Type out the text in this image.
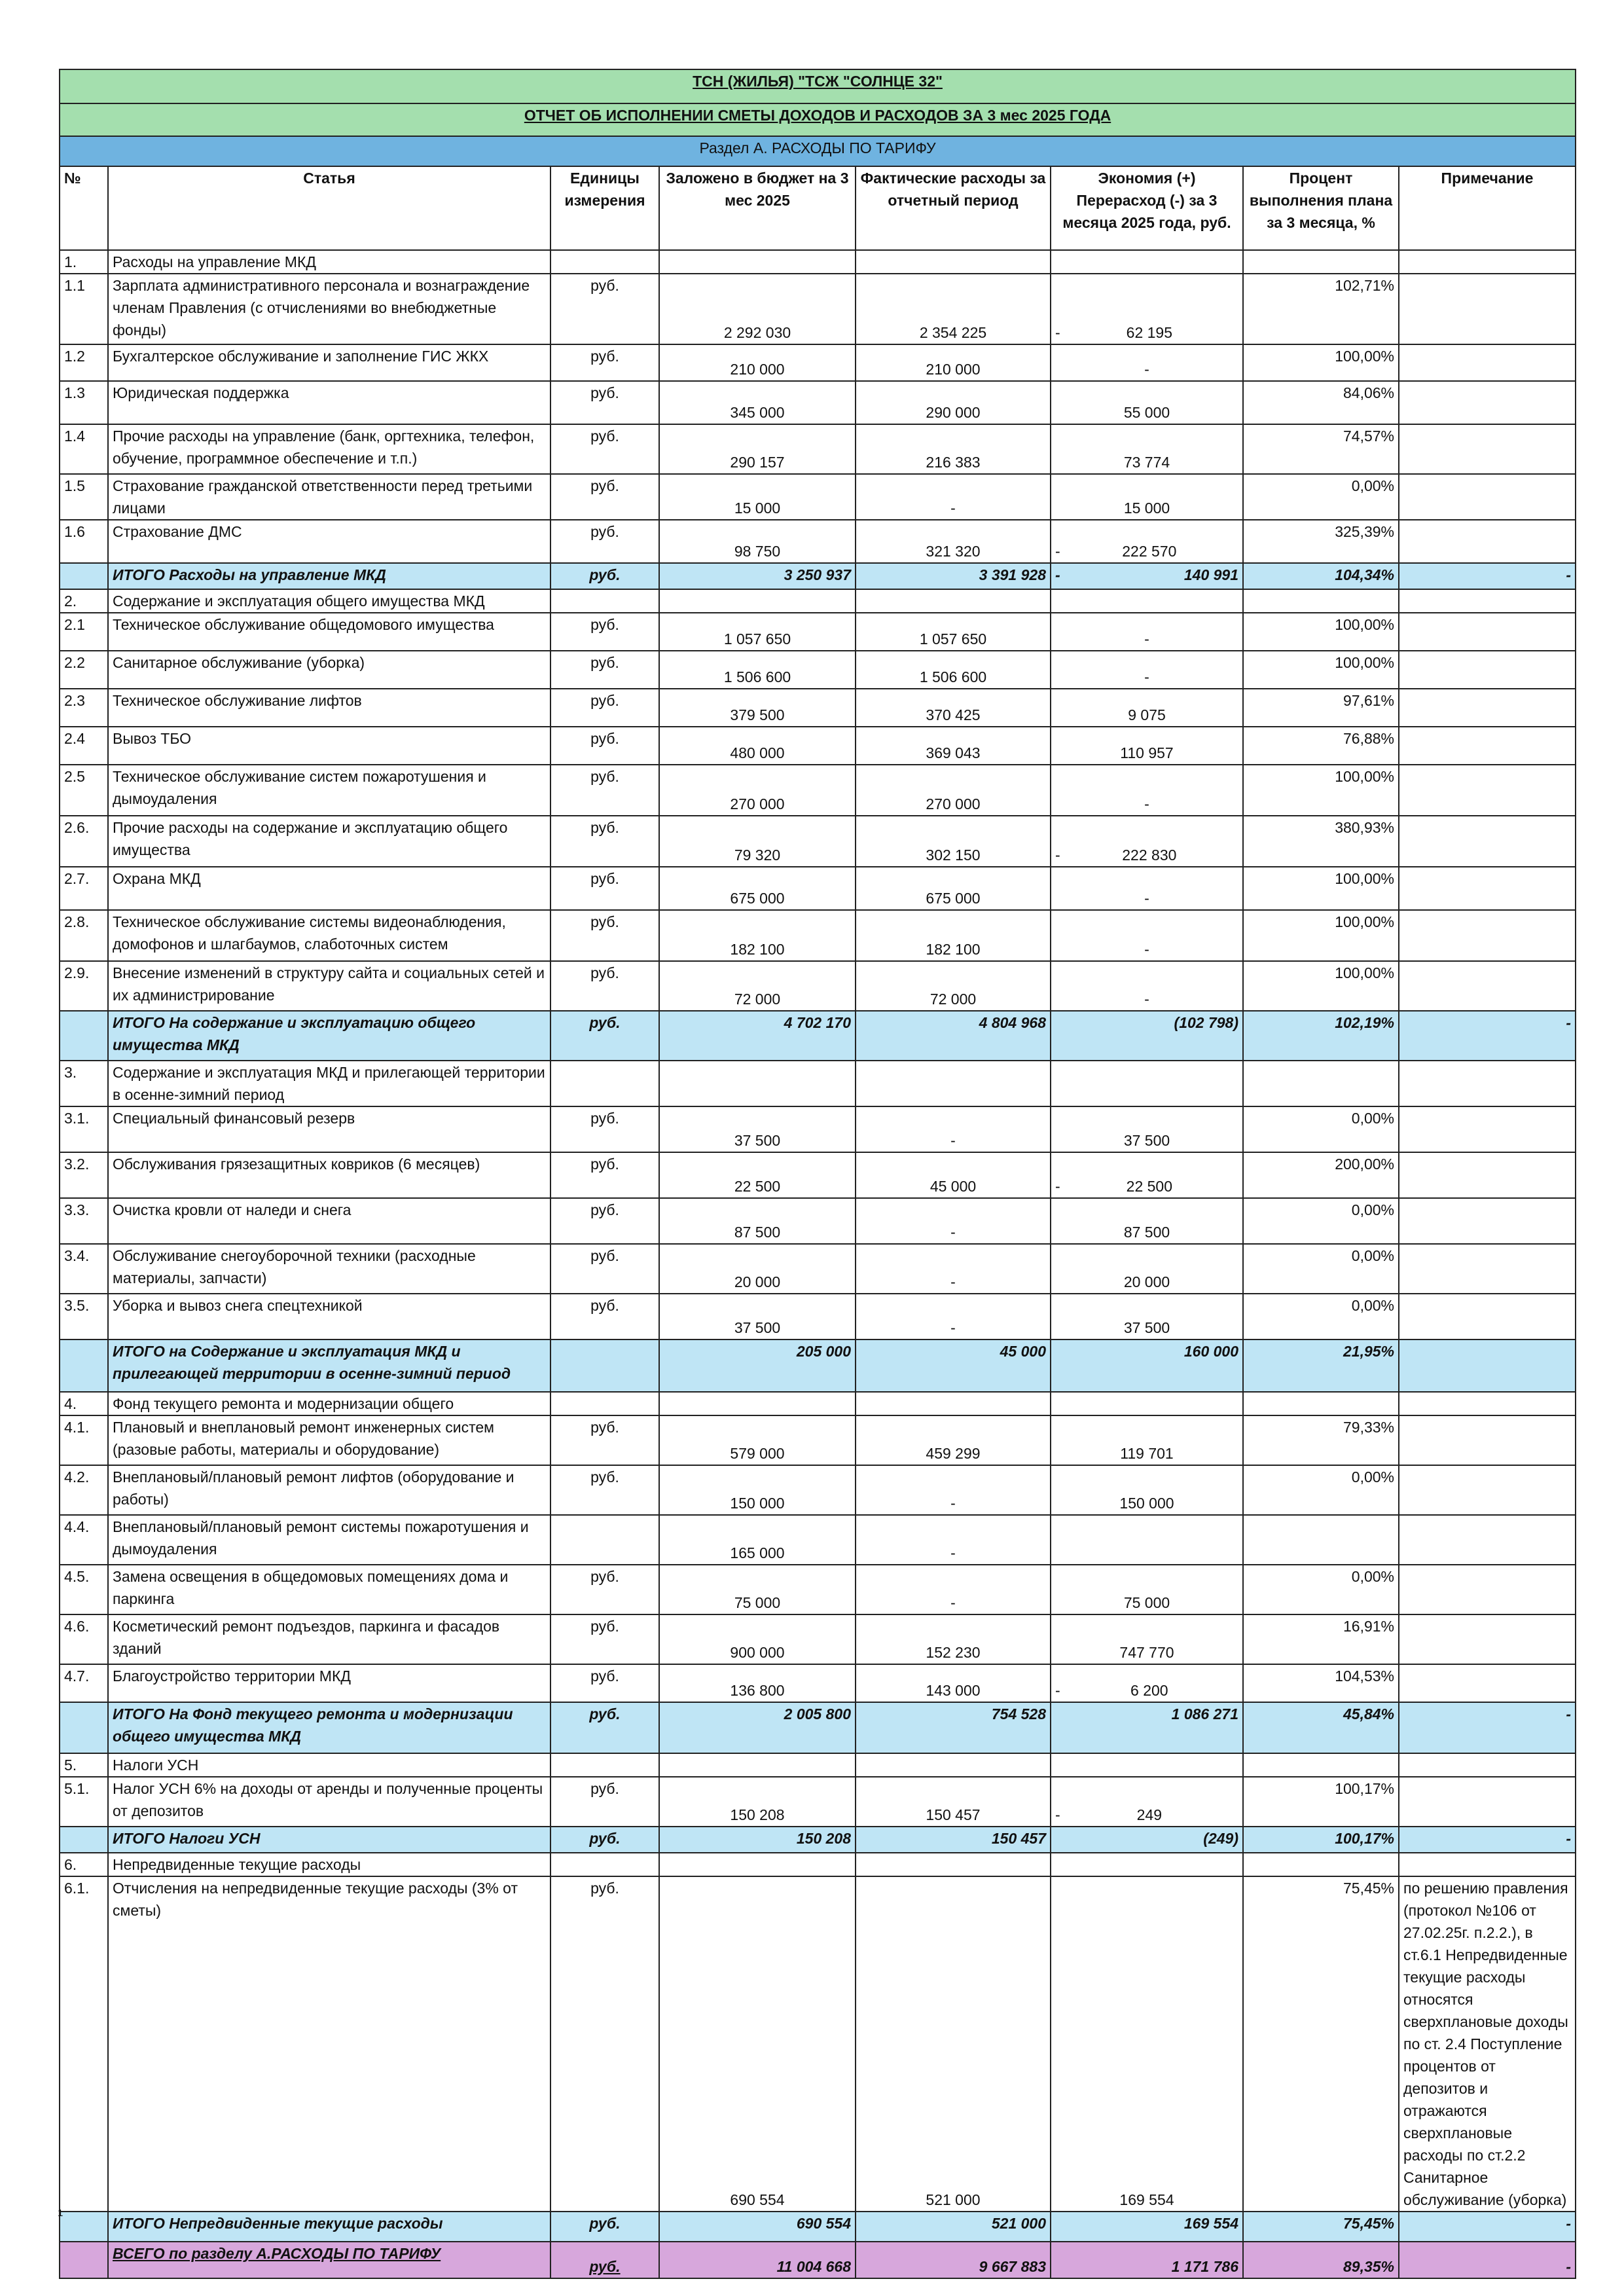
ТСН (ЖИЛЬЯ) "ТСЖ "СОЛНЦЕ 32"							
ОТЧЕТ ОБ ИСПОЛНЕНИИ СМЕТЫ ДОХОДОВ И РАСХОДОВ ЗА 3 мес 2025 ГОДА							
Раздел А. РАСХОДЫ ПО ТАРИФУ							
№	Статья	Единицы измерения	Заложено в бюджет на 3 мес 2025	Фактические расходы за отчетный период	Экономия (+) Перерасход (-) за 3 месяца 2025 года, руб.	Процент выполнения плана за 3 месяца, %	Примечание
1.	Расходы на управление МКД						
1.1	Зарплата административного персонала и вознаграждение членам Правления (с отчислениями во внебюджетные фонды)	руб.	2 292 030	2 354 225	- 62 195	102,71%	

1.2	Бухгалтерское обслуживание и заполнение ГИС ЖКХ	руб.	210 000	210 000	-	100,00%	

1.3	Юридическая поддержка	руб.	345 000	290 000	55 000	84,06%	

1.4	Прочие расходы на управление (банк, оргтехника, телефон, обучение, программное обеспечение и т.п.)	руб.	290 157	216 383	73 774	74,57%	

1.5	Страхование гражданской ответственности перед третьими лицами	руб.	15 000	-	15 000	0,00%	

1.6	Страхование ДМС	руб.	98 750	321 320	- 222 570	325,39%	

	ИТОГО Расходы на управление МКД	руб.	3 250 937	3 391 928	- 140 991	104,34%	-

2.	Содержание и эксплуатация общего имущества МКД						
2.1	Техническое обслуживание общедомового имущества	руб.	1 057 650	1 057 650	-	100,00%	

2.2	Санитарное обслуживание (уборка)	руб.	1 506 600	1 506 600	-	100,00%	

2.3	Техническое обслуживание лифтов	руб.	379 500	370 425	9 075	97,61%	

2.4	Вывоз ТБО	руб.	480 000	369 043	110 957	76,88%	

2.5	Техническое обслуживание систем пожаротушения и дымоудаления	руб.	270 000	270 000	-	100,00%	

2.6.	Прочие расходы на содержание и эксплуатацию общего имущества	руб.	79 320	302 150	- 222 830	380,93%	

2.7.	Охрана МКД	руб.	675 000	675 000	-	100,00%	

2.8.	Техническое обслуживание системы видеонаблюдения, домофонов и шлагбаумов, слаботочных систем	руб.	182 100	182 100	-	100,00%	

2.9.	Внесение изменений в структуру сайта и социальных сетей и их администрирование	руб.	72 000	72 000	-	100,00%	

	ИТОГО На содержание и эксплуатацию общего имущества МКД	руб.	4 702 170	4 804 968	(102 798)	102,19%	-

3.	Содержание и эксплуатация МКД и прилегающей территории в осенне-зимний период						
3.1.	Специальный финансовый резерв	руб.	37 500	-	37 500	0,00%	

3.2.	Обслуживания грязезащитных ковриков (6 месяцев)	руб.	22 500	45 000	- 22 500	200,00%	

3.3.	Очистка кровли от наледи и снега	руб.	87 500	-	87 500	0,00%	

3.4.	Обслуживание снегоуборочной техники (расходные материалы, запчасти)	руб.	20 000	-	20 000	0,00%	

3.5.	Уборка и вывоз снега спецтехникой	руб.	37 500	-	37 500	0,00%	

	ИТОГО на Содержание и эксплуатация МКД и прилегающей территории в осенне-зимний период		205 000	45 000	160 000	21,95%	

4.	Фонд текущего ремонта и модернизации общего						
4.1.	Плановый и внеплановый ремонт инженерных систем (разовые работы, материалы и оборудование)	руб.	579 000	459 299	119 701	79,33%	

4.2.	Внеплановый/плановый ремонт лифтов (оборудование и работы)	руб.	150 000	-	150 000	0,00%	

4.4.	Внеплановый/плановый ремонт системы пожаротушения и дымоудаления		165 000	-			
4.5.	Замена освещения в общедомовых помещениях дома и паркинга	руб.	75 000	-	75 000	0,00%	

4.6.	Косметический ремонт подъездов, паркинга и фасадов зданий	руб.	900 000	152 230	747 770	16,91%	

4.7.	Благоустройство территории МКД	руб.	136 800	143 000	- 6 200	104,53%	

	ИТОГО На Фонд текущего ремонта и модернизации общего имущества МКД	руб.	2 005 800	754 528	1 086 271	45,84%	-

5.	Налоги УСН						
5.1.	Налог УСН 6% на доходы от аренды и полученные проценты от депозитов	руб.	150 208	150 457	- 249	100,17%	

	ИТОГО Налоги УСН	руб.	150 208	150 457	(249)	100,17%	-

6.	Непредвиденные текущие расходы						
6.1.	Отчисления на непредвиденные текущие расходы (3% от сметы)	руб.	690 554	521 000	169 554	75,45%	по решению правления (протокол №106 от 27.02.25г. п.2.2.), в ст.6.1 Непредвиденные текущие расходы относятся сверхплановые доходы по ст. 2.4 Поступление процентов от депозитов и отражаются сверхплановые расходы по ст.2.2 Санитарное обслуживание (уборка)
	ИТОГО Непредвиденные текущие расходы	руб.	690 554	521 000	169 554	75,45%	-

	ВСЕГО по разделу А.РАСХОДЫ ПО ТАРИФУ	руб.	11 004 668	9 667 883	1 171 786	89,35%	-
1
